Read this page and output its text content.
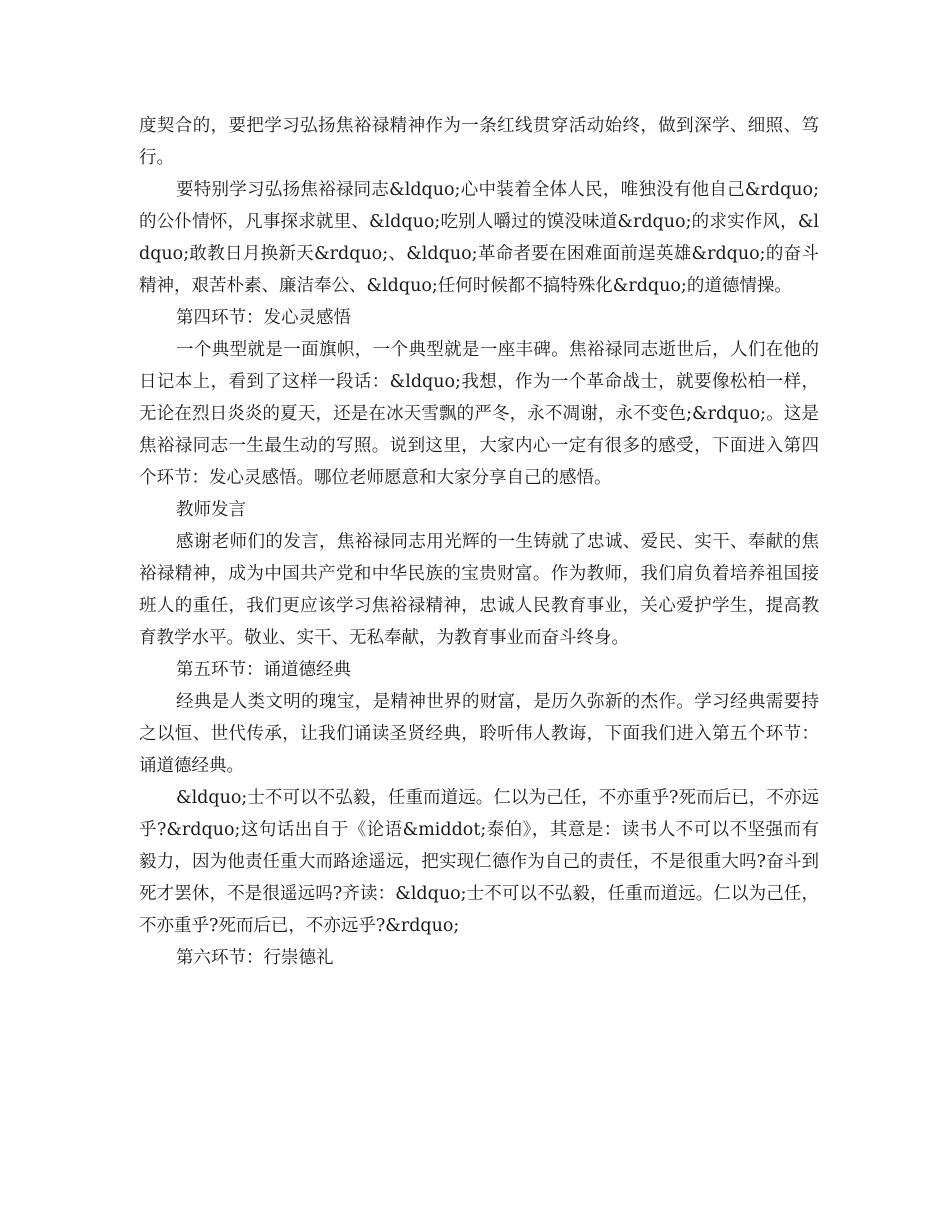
度契合的，要把学习弘扬焦裕禄精神作为一条红线贯穿活动始终，做到深学、细照、笃行。

要特别学习弘扬焦裕禄同志&ldquo;心中装着全体人民，唯独没有他自己&rdquo;的公仆情怀，凡事探求就里、&ldquo;吃别人嚼过的馍没味道&rdquo;的求实作风，&ldquo;敢教日月换新天&rdquo;、&ldquo;革命者要在困难面前逞英雄&rdquo;的奋斗精神，艰苦朴素、廉洁奉公、&ldquo;任何时候都不搞特殊化&rdquo;的道德情操。

第四环节：发心灵感悟

一个典型就是一面旗帜，一个典型就是一座丰碑。焦裕禄同志逝世后，人们在他的日记本上，看到了这样一段话：&ldquo;我想，作为一个革命战士，就要像松柏一样，无论在烈日炎炎的夏天，还是在冰天雪飘的严冬，永不凋谢，永不变色;&rdquo;。这是焦裕禄同志一生最生动的写照。说到这里，大家内心一定有很多的感受，下面进入第四个环节：发心灵感悟。哪位老师愿意和大家分享自己的感悟。

教师发言

感谢老师们的发言，焦裕禄同志用光辉的一生铸就了忠诚、爱民、实干、奉献的焦裕禄精神，成为中国共产党和中华民族的宝贵财富。作为教师，我们肩负着培养祖国接班人的重任，我们更应该学习焦裕禄精神，忠诚人民教育事业，关心爱护学生，提高教育教学水平。敬业、实干、无私奉献，为教育事业而奋斗终身。

第五环节：诵道德经典

经典是人类文明的瑰宝，是精神世界的财富，是历久弥新的杰作。学习经典需要持之以恒、世代传承，让我们诵读圣贤经典，聆听伟人教诲，下面我们进入第五个环节：诵道德经典。

&ldquo;士不可以不弘毅，任重而道远。仁以为己任，不亦重乎?死而后已，不亦远乎?&rdquo;这句话出自于《论语&middot;泰伯》，其意是：读书人不可以不坚强而有毅力，因为他责任重大而路途遥远，把实现仁德作为自己的责任，不是很重大吗?奋斗到死才罢休，不是很遥远吗?齐读：&ldquo;士不可以不弘毅，任重而道远。仁以为己任，不亦重乎?死而后已，不亦远乎?&rdquo;

第六环节：行崇德礼
